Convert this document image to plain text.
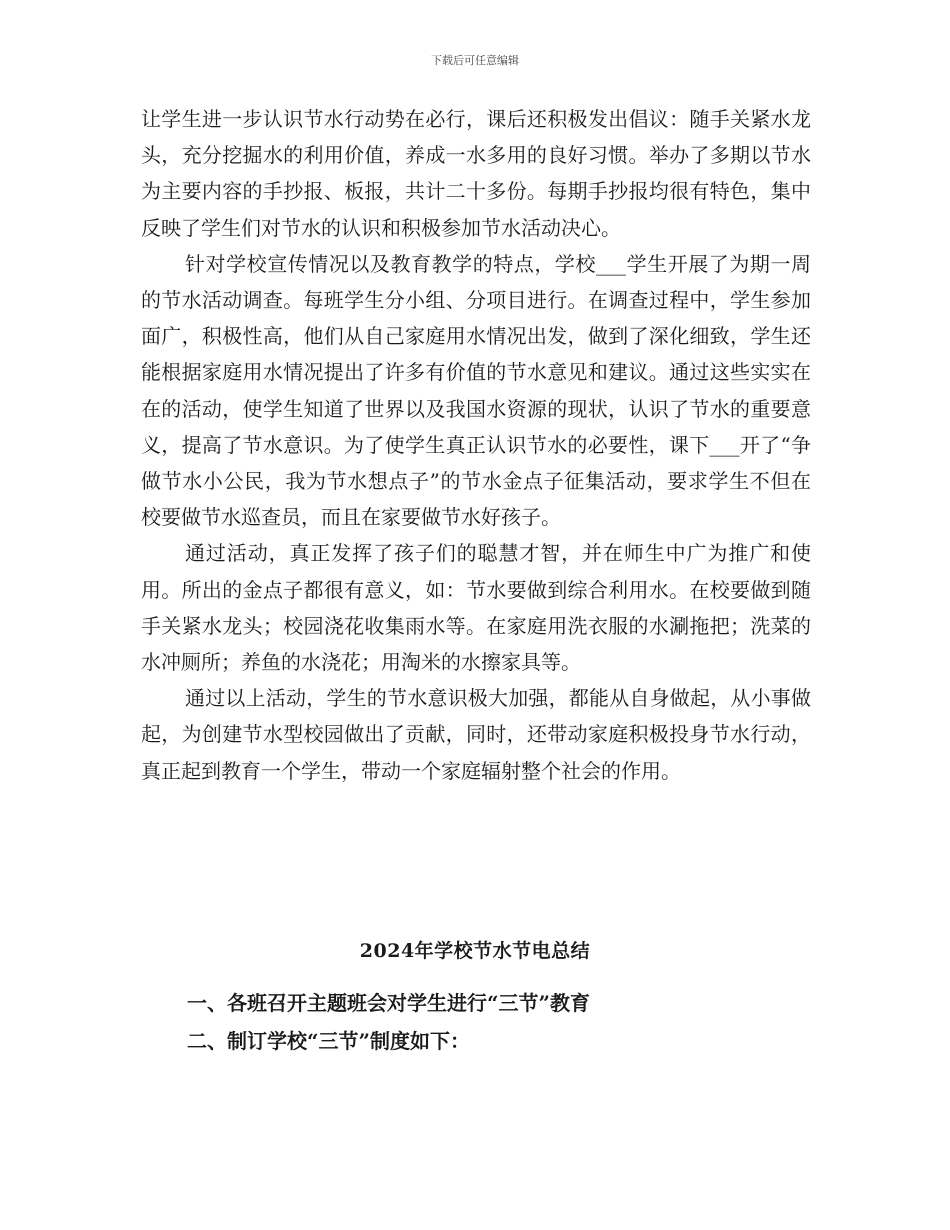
下载后可任意编辑

让学生进一步认识节水行动势在必行，课后还积极发出倡议：随手关紧水龙头，充分挖掘水的利用价值，养成一水多用的良好习惯。举办了多期以节水为主要内容的手抄报、板报，共计二十多份。每期手抄报均很有特色，集中反映了学生们对节水的认识和积极参加节水活动决心。

针对学校宣传情况以及教育教学的特点，学校___学生开展了为期一周的节水活动调查。每班学生分小组、分项目进行。在调查过程中，学生参加面广，积极性高，他们从自己家庭用水情况出发，做到了深化细致，学生还能根据家庭用水情况提出了许多有价值的节水意见和建议。通过这些实实在在的活动，使学生知道了世界以及我国水资源的现状，认识了节水的重要意义，提高了节水意识。为了使学生真正认识节水的必要性，课下___开了“争做节水小公民，我为节水想点子”的节水金点子征集活动，要求学生不但在校要做节水巡查员，而且在家要做节水好孩子。

通过活动，真正发挥了孩子们的聪慧才智，并在师生中广为推广和使用。所出的金点子都很有意义，如：节水要做到综合利用水。在校要做到随手关紧水龙头；校园浇花收集雨水等。在家庭用洗衣服的水涮拖把；洗菜的水冲厕所；养鱼的水浇花；用淘米的水擦家具等。

通过以上活动，学生的节水意识极大加强，都能从自身做起，从小事做起，为创建节水型校园做出了贡献，同时，还带动家庭积极投身节水行动，真正起到教育一个学生，带动一个家庭辐射整个社会的作用。

2024年学校节水节电总结
一、各班召开主题班会对学生进行“三节”教育
二、制订学校“三节”制度如下：
